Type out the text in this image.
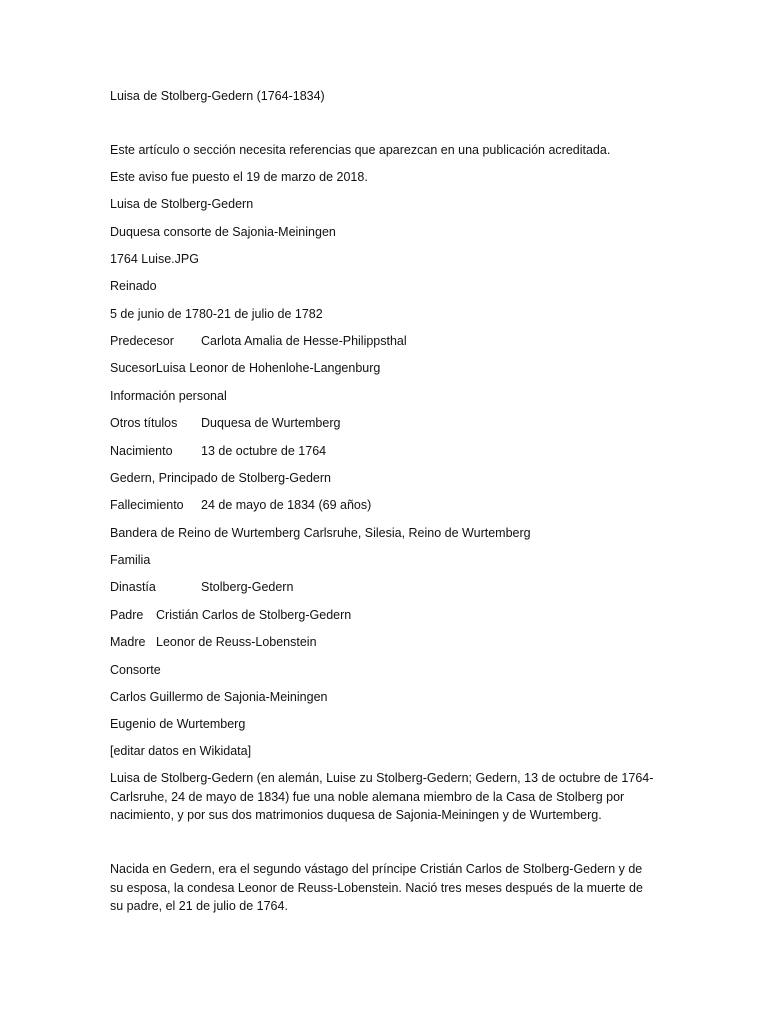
Luisa de Stolberg-Gedern (1764-1834)
Este artículo o sección necesita referencias que aparezcan en una publicación acreditada.
Este aviso fue puesto el 19 de marzo de 2018.
Luisa de Stolberg-Gedern
Duquesa consorte de Sajonia-Meiningen
1764 Luise.JPG
Reinado
5 de junio de 1780-21 de julio de 1782
Predecesor Carlota Amalia de Hesse-Philippsthal
SucesorLuisa Leonor de Hohenlohe-Langenburg
Información personal
Otros títulos Duquesa de Wurtemberg
Nacimiento 13 de octubre de 1764
Gedern, Principado de Stolberg-Gedern
Fallecimiento 24 de mayo de 1834 (69 años)
Bandera de Reino de Wurtemberg Carlsruhe, Silesia, Reino de Wurtemberg
Familia
Dinastía	Stolberg-Gedern
Padre Cristián Carlos de Stolberg-Gedern
Madre Leonor de Reuss-Lobenstein
Consorte
Carlos Guillermo de Sajonia-Meiningen
Eugenio de Wurtemberg
[editar datos en Wikidata]
Luisa de Stolberg-Gedern (en alemán, Luise zu Stolberg-Gedern; Gedern, 13 de octubre de 1764-Carlsruhe, 24 de mayo de 1834) fue una noble alemana miembro de la Casa de Stolberg por nacimiento, y por sus dos matrimonios duquesa de Sajonia-Meiningen y de Wurtemberg.
Nacida en Gedern, era el segundo vástago del príncipe Cristián Carlos de Stolberg-Gedern y de su esposa, la condesa Leonor de Reuss-Lobenstein. Nació tres meses después de la muerte de su padre, el 21 de julio de 1764.
